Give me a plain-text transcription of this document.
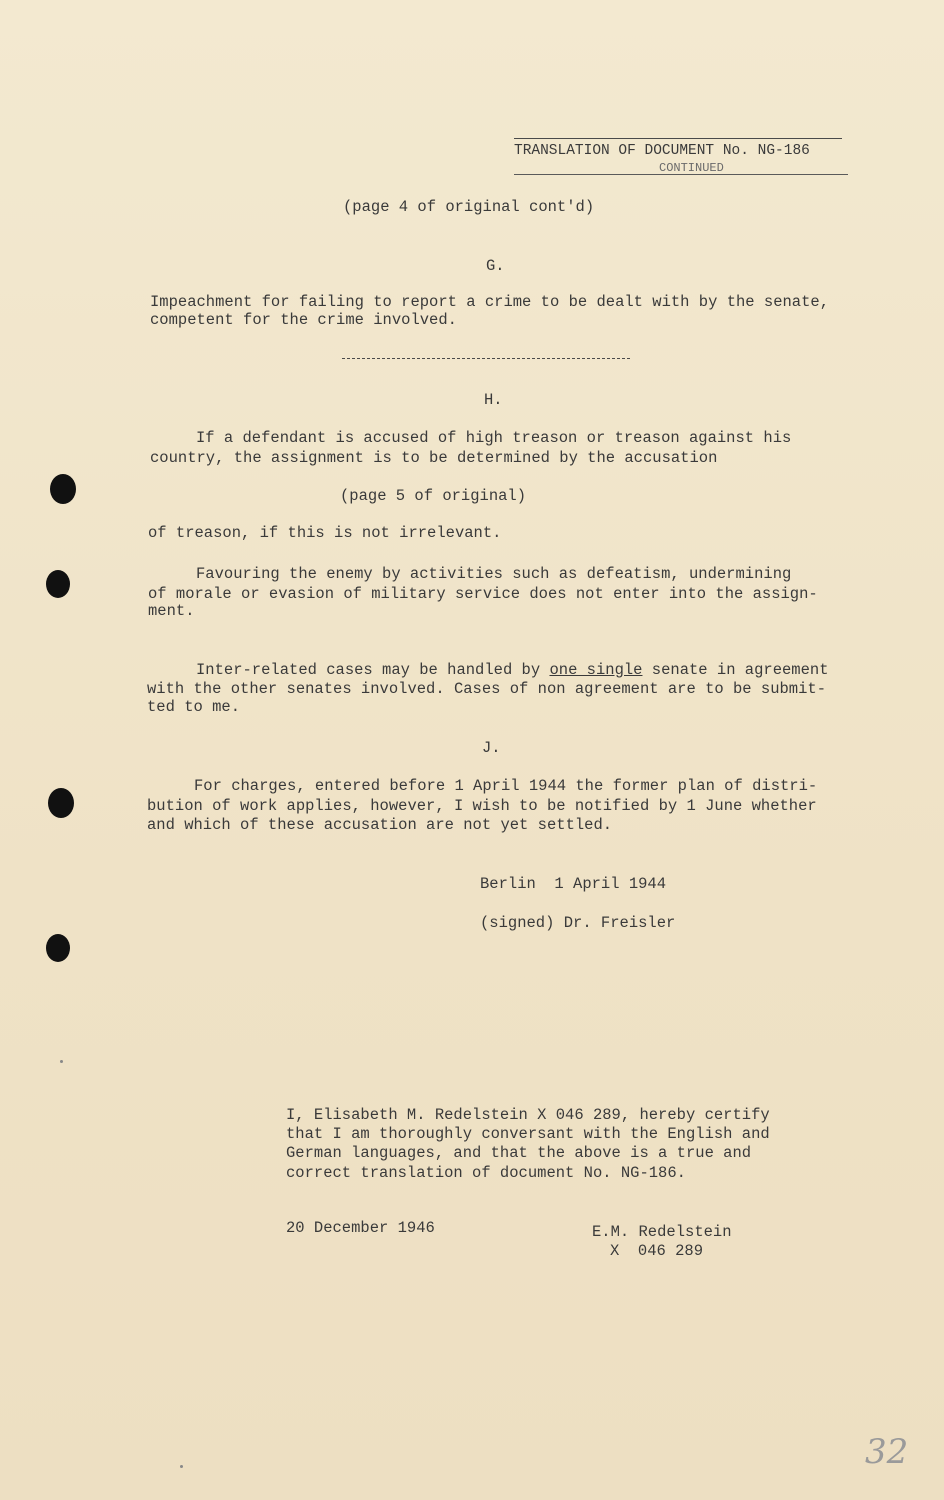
TRANSLATION OF DOCUMENT No. NG-186
CONTINUED
(page 4 of original cont'd)
G.
Impeachment for failing to report a crime to be dealt with by the senate, competent for the crime involved.
H.
If a defendant is accused of high treason or treason against his
country, the assignment is to be determined by the accusation
(page 5 of original)
of treason, if this is not irrelevant.
Favouring the enemy by activities such as defeatism, undermining
of morale or evasion of military service does not enter into the assign-
ment.
Inter-related cases may be handled by one single senate in agreement
with the other senates involved. Cases of non agreement are to be submit-
ted to me.
J.
For charges, entered before 1 April 1944 the former plan of distri-
bution of work applies, however, I wish to be notified by 1 June whether
and which of these accusation are not yet settled.
Berlin  1 April 1944
(signed) Dr. Freisler
I, Elisabeth M. Redelstein X 046 289, hereby certify
that I am thoroughly conversant with the English and
German languages, and that the above is a true and
correct translation of document No. NG-186.
20 December 1946	E.M. Redelstein
X  046 289
32
